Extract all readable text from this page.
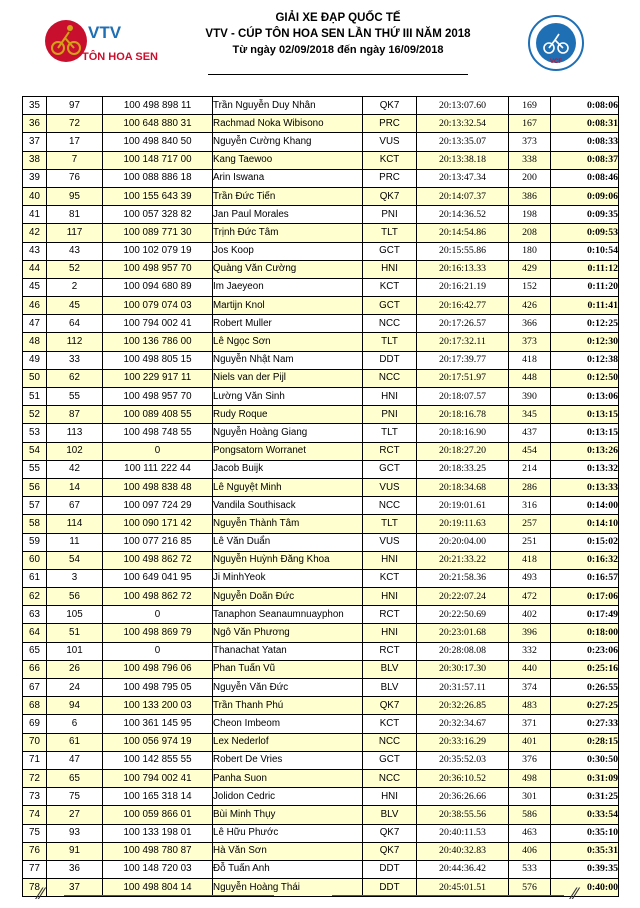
VTV
TÔN HOA SEN
GIẢI XE ĐẠP QUỐC TẾ
VTV - CÚP TÔN HOA SEN LẦN THỨ III NĂM 2018
Từ ngày 02/09/2018 đến ngày 16/09/2018
VCF
35	97	100 498 898 11	Trần Nguyễn Duy Nhân	QK7	20:13:07.60	169	0:08:06
36	72	100 648 880 31	Rachmad Noka Wibisono	PRC	20:13:32.54	167	0:08:31
37	17	100 498 840 50	Nguyễn Cường Khang	VUS	20:13:35.07	373	0:08:33
38	7	100 148 717 00	Kang Taewoo	KCT	20:13:38.18	338	0:08:37
39	76	100 088 886 18	Arin Iswana	PRC	20:13:47.34	200	0:08:46
40	95	100 155 643 39	Trần Đức Tiến	QK7	20:14:07.37	386	0:09:06
41	81	100 057 328 82	Jan Paul Morales	PNI	20:14:36.52	198	0:09:35
42	117	100 089 771 30	Trịnh Đức Tâm	TLT	20:14:54.86	208	0:09:53
43	43	100 102 079 19	Jos Koop	GCT	20:15:55.86	180	0:10:54
44	52	100 498 957 70	Quàng Văn Cường	HNI	20:16:13.33	429	0:11:12
45	2	100 094 680 89	Im Jaeyeon	KCT	20:16:21.19	152	0:11:20
46	45	100 079 074 03	Martijn Knol	GCT	20:16:42.77	426	0:11:41
47	64	100 794 002 41	Robert Muller	NCC	20:17:26.57	366	0:12:25
48	112	100 136 786 00	Lê Ngọc Sơn	TLT	20:17:32.11	373	0:12:30
49	33	100 498 805 15	Nguyễn Nhật Nam	DDT	20:17:39.77	418	0:12:38
50	62	100 229 917 11	Niels van der Pijl	NCC	20:17:51.97	448	0:12:50
51	55	100 498 957 70	Lường Văn Sinh	HNI	20:18:07.57	390	0:13:06
52	87	100 089 408 55	Rudy Roque	PNI	20:18:16.78	345	0:13:15
53	113	100 498 748 55	Nguyễn Hoàng Giang	TLT	20:18:16.90	437	0:13:15
54	102	0	Pongsatorn Worranet	RCT	20:18:27.20	454	0:13:26
55	42	100 111 222 44	Jacob Buijk	GCT	20:18:33.25	214	0:13:32
56	14	100 498 838 48	Lê Nguyệt Minh	VUS	20:18:34.68	286	0:13:33
57	67	100 097 724 29	Vandila Southisack	NCC	20:19:01.61	316	0:14:00
58	114	100 090 171 42	Nguyễn Thành Tâm	TLT	20:19:11.63	257	0:14:10
59	11	100 077 216 85	Lê Văn Duẩn	VUS	20:20:04.00	251	0:15:02
60	54	100 498 862 72	Nguyễn Huỳnh Đăng Khoa	HNI	20:21:33.22	418	0:16:32
61	3	100 649 041 95	Ji MinhYeok	KCT	20:21:58.36	493	0:16:57
62	56	100 498 862 72	Nguyễn Doãn Đức	HNI	20:22:07.24	472	0:17:06
63	105	0	Tanaphon Seanaumnuayphon	RCT	20:22:50.69	402	0:17:49
64	51	100 498 869 79	Ngô Văn Phương	HNI	20:23:01.68	396	0:18:00
65	101	0	Thanachat Yatan	RCT	20:28:08.08	332	0:23:06
66	26	100 498 796 06	Phan Tuấn Vũ	BLV	20:30:17.30	440	0:25:16
67	24	100 498 795 05	Nguyễn Văn Đức	BLV	20:31:57.11	374	0:26:55
68	94	100 133 200 03	Trần Thanh Phú	QK7	20:32:26.85	483	0:27:25
69	6	100 361 145 95	Cheon Imbeom	KCT	20:32:34.67	371	0:27:33
70	61	100 056 974 19	Lex Nederlof	NCC	20:33:16.29	401	0:28:15
71	47	100 142 855 55	Robert De Vries	GCT	20:35:52.03	376	0:30:50
72	65	100 794 002 41	Panha Suon	NCC	20:36:10.52	498	0:31:09
73	75	100 165 318 14	Jolidon Cedric	HNI	20:36:26.66	301	0:31:25
74	27	100 059 866 01	Bùi Minh Thụy	BLV	20:38:55.56	586	0:33:54
75	93	100 133 198 01	Lê Hữu Phước	QK7	20:40:11.53	463	0:35:10
76	91	100 498 780 87	Hà Văn Sơn	QK7	20:40:32.83	406	0:35:31
77	36	100 148 720 03	Đỗ Tuấn Anh	DDT	20:44:36.42	533	0:39:35
78	37	100 498 804 14	Nguyễn Hoàng Thái	DDT	20:45:01.51	576	0:40:00
⁄⁄	⁄⁄
